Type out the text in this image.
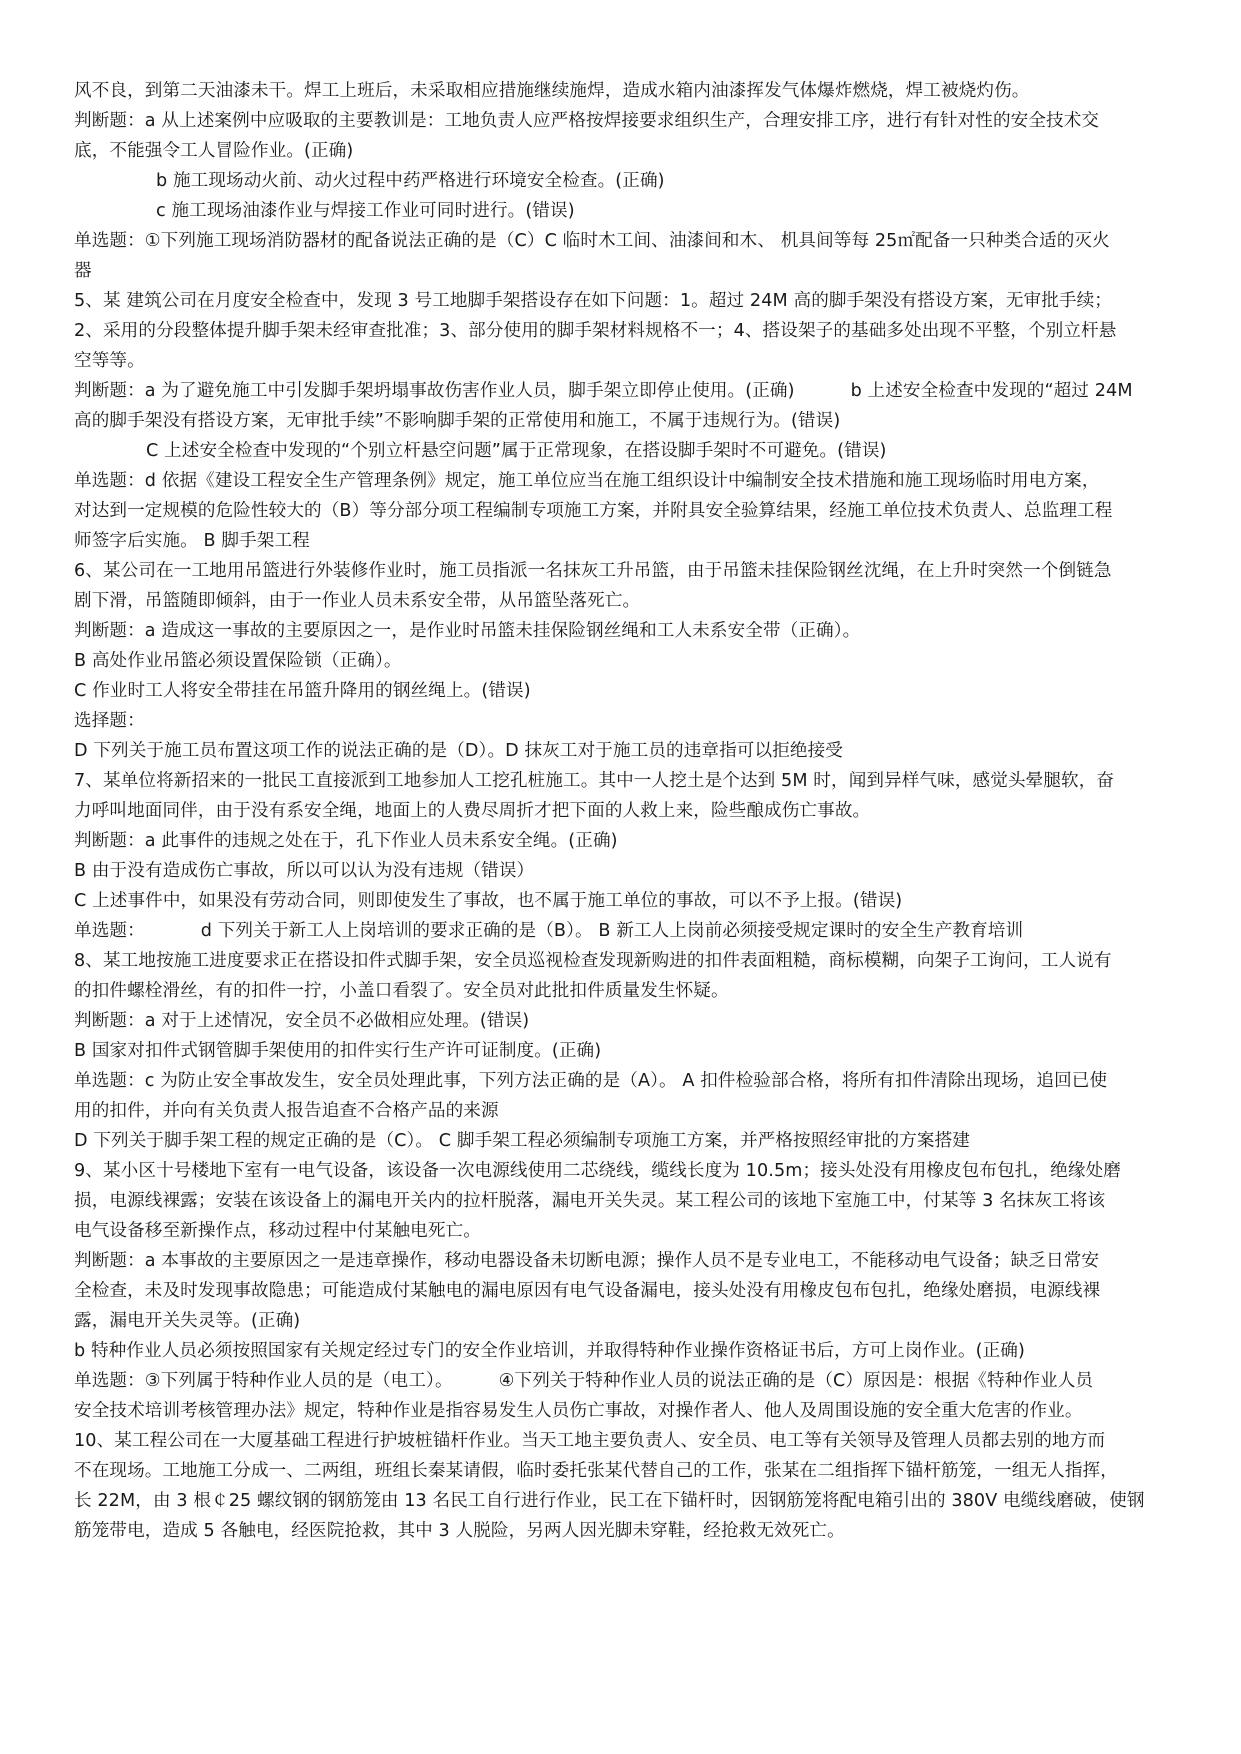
风不良，到第二天油漆未干。焊工上班后，未采取相应措施继续施焊，造成水箱内油漆挥发气体爆炸燃烧，焊工被烧灼伤。
判断题：a 从上述案例中应吸取的主要教训是：工地负责人应严格按焊接要求组织生产，合理安排工序，进行有针对性的安全技术交
底，不能强令工人冒险作业。(正确)
b 施工现场动火前、动火过程中药严格进行环境安全检查。(正确)
c 施工现场油漆作业与焊接工作业可同时进行。(错误)
单选题：①下列施工现场消防器材的配备说法正确的是（C）C 临时木工间、油漆间和木、 机具间等每 25㎡配备一只种类合适的灭火
器
5、某 建筑公司在月度安全检查中，发现 3 号工地脚手架搭设存在如下问题：1。超过 24M 高的脚手架没有搭设方案，无审批手续；
2、采用的分段整体提升脚手架未经审查批准；3、部分使用的脚手架材料规格不一；4、搭设架子的基础多处出现不平整，个别立杆悬
空等等。
判断题：a 为了避免施工中引发脚手架坍塌事故伤害作业人员，脚手架立即停止使用。(正确)	b 上述安全检查中发现的“超过 24M
高的脚手架没有搭设方案，无审批手续”不影响脚手架的正常使用和施工，不属于违规行为。(错误)
C 上述安全检查中发现的“个别立杆悬空问题”属于正常现象，在搭设脚手架时不可避免。(错误)
单选题：d 依据《建设工程安全生产管理条例》规定，施工单位应当在施工组织设计中编制安全技术措施和施工现场临时用电方案，
对达到一定规模的危险性较大的（B）等分部分项工程编制专项施工方案，并附具安全验算结果，经施工单位技术负责人、总监理工程
师签字后实施。 B 脚手架工程
6、某公司在一工地用吊篮进行外装修作业时，施工员指派一名抹灰工升吊篮，由于吊篮未挂保险钢丝沈绳，在上升时突然一个倒链急
剧下滑，吊篮随即倾斜，由于一作业人员未系安全带，从吊篮坠落死亡。
判断题：a 造成这一事故的主要原因之一，是作业时吊篮未挂保险钢丝绳和工人未系安全带（正确）。
B 高处作业吊篮必须设置保险锁（正确）。
C 作业时工人将安全带挂在吊篮升降用的钢丝绳上。(错误)
选择题：
D 下列关于施工员布置这项工作的说法正确的是（D）。D 抹灰工对于施工员的违章指可以拒绝接受
7、某单位将新招来的一批民工直接派到工地参加人工挖孔桩施工。其中一人挖土是个达到 5M 时，闻到异样气味，感觉头晕腿软，奋
力呼叫地面同伴，由于没有系安全绳，地面上的人费尽周折才把下面的人救上来，险些酿成伤亡事故。
判断题：a 此事件的违规之处在于，孔下作业人员未系安全绳。(正确)
B 由于没有造成伤亡事故，所以可以认为没有违规（错误）
C 上述事件中，如果没有劳动合同，则即使发生了事故，也不属于施工单位的事故，可以不予上报。(错误)
单选题：	d 下列关于新工人上岗培训的要求正确的是（B）。 B 新工人上岗前必须接受规定课时的安全生产教育培训
8、某工地按施工进度要求正在搭设扣件式脚手架，安全员巡视检查发现新购进的扣件表面粗糙，商标模糊，向架子工询问，工人说有
的扣件螺栓滑丝，有的扣件一拧，小盖口看裂了。安全员对此批扣件质量发生怀疑。
判断题：a 对于上述情况，安全员不必做相应处理。(错误)
B 国家对扣件式钢管脚手架使用的扣件实行生产许可证制度。(正确)
单选题：c 为防止安全事故发生，安全员处理此事，下列方法正确的是（A）。 A 扣件检验部合格，将所有扣件清除出现场，追回已使
用的扣件，并向有关负责人报告追查不合格产品的来源
D 下列关于脚手架工程的规定正确的是（C）。 C 脚手架工程必须编制专项施工方案，并严格按照经审批的方案搭建
9、某小区十号楼地下室有一电气设备，该设备一次电源线使用二芯绕线，缆线长度为 10.5m；接头处没有用橡皮包布包扎，绝缘处磨
损，电源线裸露；安装在该设备上的漏电开关内的拉杆脱落，漏电开关失灵。某工程公司的该地下室施工中，付某等 3 名抹灰工将该
电气设备移至新操作点，移动过程中付某触电死亡。
判断题：a 本事故的主要原因之一是违章操作，移动电器设备未切断电源；操作人员不是专业电工，不能移动电气设备；缺乏日常安
全检查，未及时发现事故隐患；可能造成付某触电的漏电原因有电气设备漏电，接头处没有用橡皮包布包扎，绝缘处磨损，电源线裸
露，漏电开关失灵等。(正确)
b 特种作业人员必须按照国家有关规定经过专门的安全作业培训，并取得特种作业操作资格证书后，方可上岗作业。(正确)
单选题：③下列属于特种作业人员的是（电工）。	④下列关于特种作业人员的说法正确的是（C）原因是：根据《特种作业人员
安全技术培训考核管理办法》规定，特种作业是指容易发生人员伤亡事故，对操作者人、他人及周围设施的安全重大危害的作业。
10、某工程公司在一大厦基础工程进行护坡桩锚杆作业。当天工地主要负责人、安全员、电工等有关领导及管理人员都去别的地方而
不在现场。工地施工分成一、二两组，班组长秦某请假，临时委托张某代替自己的工作，张某在二组指挥下锚杆筋笼，一组无人指挥，
长 22M，由 3 根￠25 螺纹钢的钢筋笼由 13 名民工自行进行作业，民工在下锚杆时，因钢筋笼将配电箱引出的 380V 电缆线磨破，使钢
筋笼带电，造成 5 各触电，经医院抢救，其中 3 人脱险，另两人因光脚未穿鞋，经抢救无效死亡。
